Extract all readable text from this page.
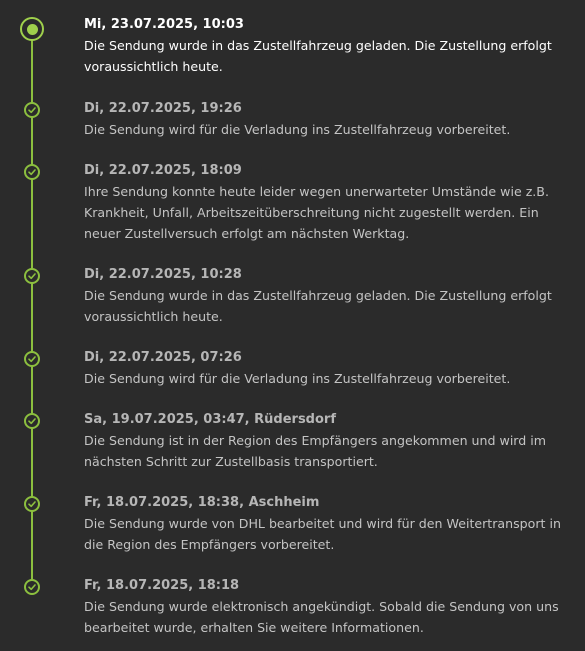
Mi, 23.07.2025, 10:03
Die Sendung wurde in das Zustellfahrzeug geladen. Die Zustellung erfolgt voraussichtlich heute.
Di, 22.07.2025, 19:26
Die Sendung wird für die Verladung ins Zustellfahrzeug vorbereitet.
Di, 22.07.2025, 18:09
Ihre Sendung konnte heute leider wegen unerwarteter Umstände wie z.B. Krankheit, Unfall, Arbeitszeitüberschreitung nicht zugestellt werden. Ein neuer Zustellversuch erfolgt am nächsten Werktag.
Di, 22.07.2025, 10:28
Die Sendung wurde in das Zustellfahrzeug geladen. Die Zustellung erfolgt voraussichtlich heute.
Di, 22.07.2025, 07:26
Die Sendung wird für die Verladung ins Zustellfahrzeug vorbereitet.
Sa, 19.07.2025, 03:47, Rüdersdorf
Die Sendung ist in der Region des Empfängers angekommen und wird im nächsten Schritt zur Zustellbasis transportiert.
Fr, 18.07.2025, 18:38, Aschheim
Die Sendung wurde von DHL bearbeitet und wird für den Weitertransport in die Region des Empfängers vorbereitet.
Fr, 18.07.2025, 18:18
Die Sendung wurde elektronisch angekündigt. Sobald die Sendung von uns bearbeitet wurde, erhalten Sie weitere Informationen.
